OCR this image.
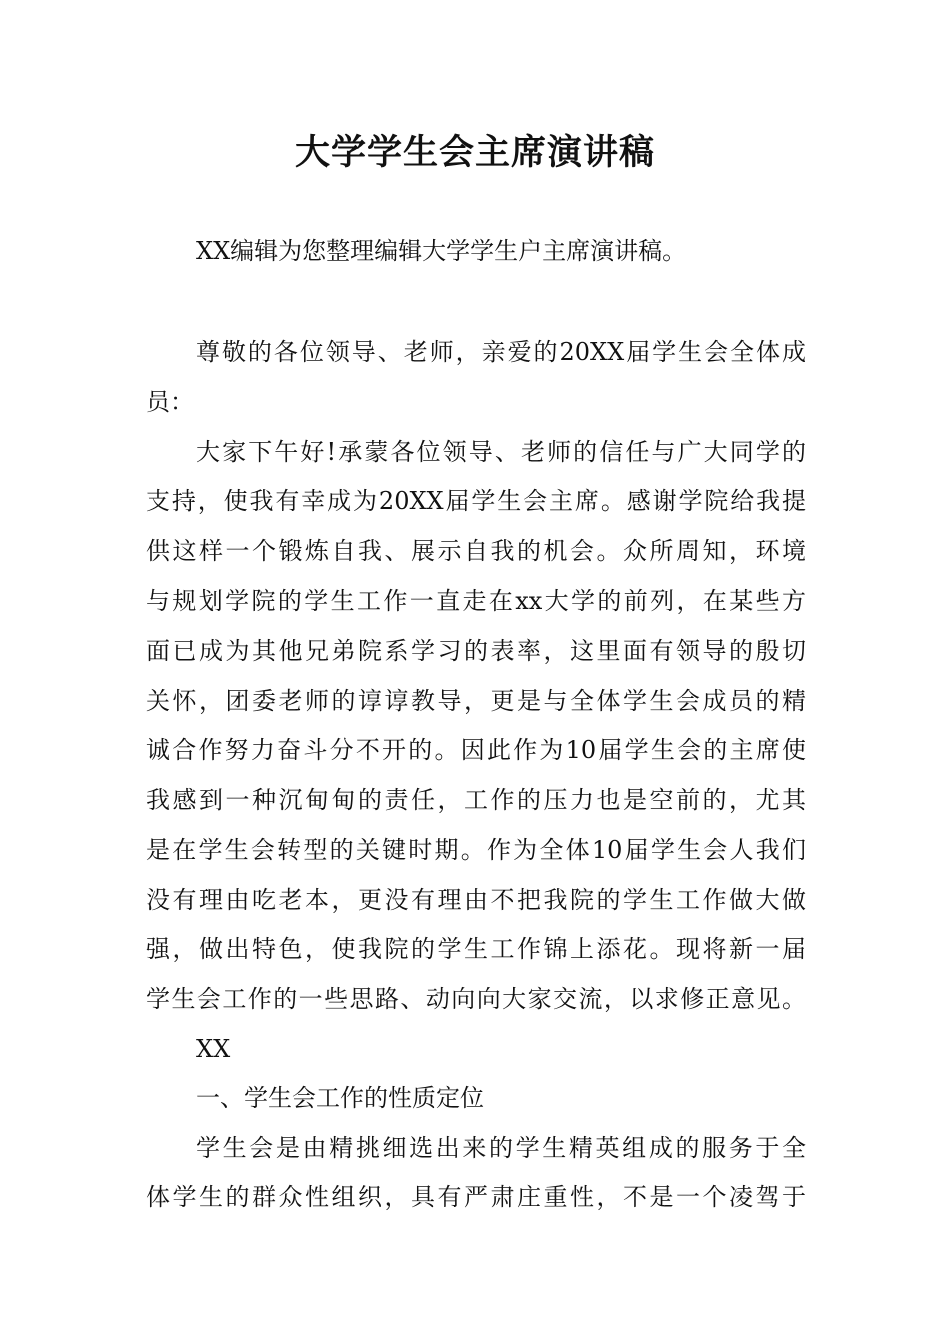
大学学生会主席演讲稿

XX编辑为您整理编辑大学学生户主席演讲稿。

尊敬的各位领导、老师，亲爱的20XX届学生会全体成

员：

大家下午好!承蒙各位领导、老师的信任与广大同学的

支持，使我有幸成为20XX届学生会主席。感谢学院给我提

供这样一个锻炼自我、展示自我的机会。众所周知，环境

与规划学院的学生工作一直走在xx大学的前列，在某些方

面已成为其他兄弟院系学习的表率，这里面有领导的殷切

关怀，团委老师的谆谆教导，更是与全体学生会成员的精

诚合作努力奋斗分不开的。因此作为10届学生会的主席使

我感到一种沉甸甸的责任，工作的压力也是空前的，尤其

是在学生会转型的关键时期。作为全体10届学生会人我们

没有理由吃老本，更没有理由不把我院的学生工作做大做

强，做出特色，使我院的学生工作锦上添花。现将新一届

学生会工作的一些思路、动向向大家交流，以求修正意见。

XX

一、学生会工作的性质定位

学生会是由精挑细选出来的学生精英组成的服务于全

体学生的群众性组织，具有严肃庄重性，不是一个凌驾于
